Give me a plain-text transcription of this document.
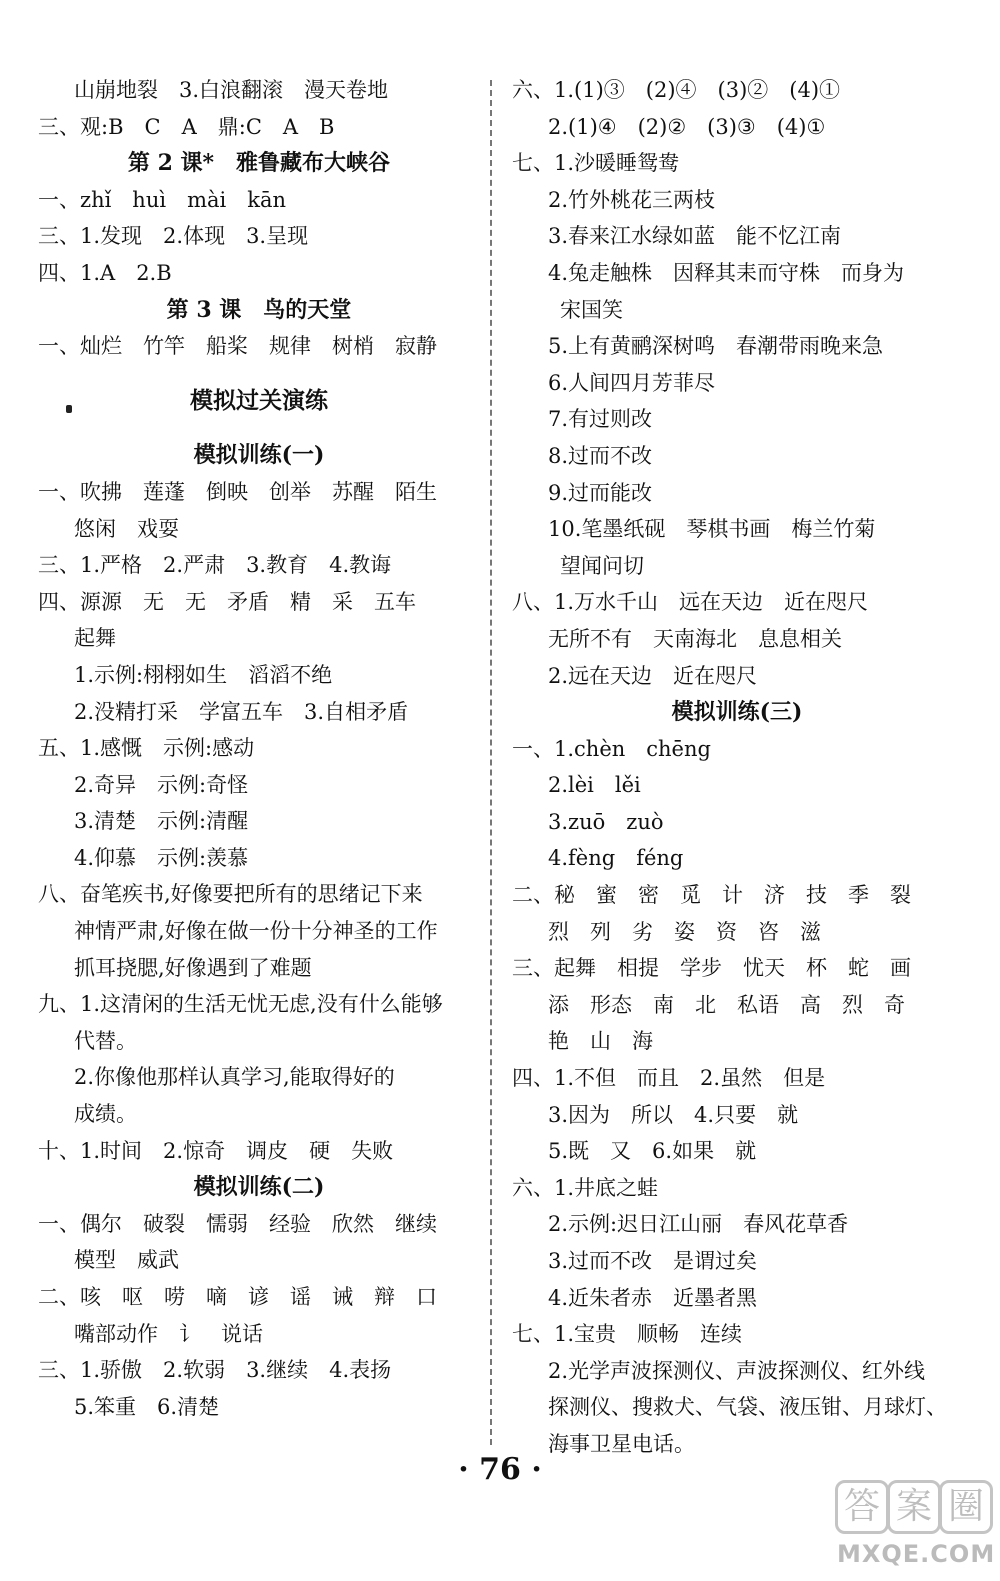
山崩地裂　3.白浪翻滚　漫天卷地
三、观:B　C　A　鼎:C　A　B
第 2 课*　雅鲁藏布大峡谷
一、zhǐ　huì　mài　kān
三、1.发现　2.体现　3.呈现
四、1.A　2.B
第 3 课　鸟的天堂
一、灿烂　竹竿　船桨　规律　树梢　寂静
模拟过关演练
模拟训练(一)
一、吹拂　莲蓬　倒映　创举　苏醒　陌生
悠闲　戏耍
三、1.严格　2.严肃　3.教育　4.教诲
四、源源　无　无　矛盾　精　采　五车
起舞
1.示例:栩栩如生　滔滔不绝
2.没精打采　学富五车　3.自相矛盾
五、1.感慨　示例:感动
2.奇异　示例:奇怪
3.清楚　示例:清醒
4.仰慕　示例:羡慕
八、奋笔疾书,好像要把所有的思绪记下来
神情严肃,好像在做一份十分神圣的工作
抓耳挠腮,好像遇到了难题
九、1.这清闲的生活无忧无虑,没有什么能够
代替。
2.你像他那样认真学习,能取得好的
成绩。
十、1.时间　2.惊奇　调皮　硬　失败
模拟训练(二)
一、偶尔　破裂　懦弱　经验　欣然　继续
模型　威武
二、咳　呕　唠　嘀　谚　谣　诫　辩　口
嘴部动作　讠　说话
三、1.骄傲　2.软弱　3.继续　4.表扬
5.笨重　6.清楚
六、1.(1)③　(2)④　(3)②　(4)①
2.(1)④　(2)②　(3)③　(4)①
七、1.沙暖睡鸳鸯
2.竹外桃花三两枝
3.春来江水绿如蓝　能不忆江南
4.兔走触株　因释其耒而守株　而身为
宋国笑
5.上有黄鹂深树鸣　春潮带雨晚来急
6.人间四月芳菲尽
7.有过则改
8.过而不改
9.过而能改
10.笔墨纸砚　琴棋书画　梅兰竹菊
望闻问切
八、1.万水千山　远在天边　近在咫尺
无所不有　天南海北　息息相关
2.远在天边　近在咫尺
模拟训练(三)
一、1.chèn　chēng
2.lèi　lěi
3.zuō　zuò
4.fèng　féng
二、秘　蜜　密　觅　计　济　技　季　裂
烈　列　劣　姿　资　咨　滋
三、起舞　相提　学步　忧天　杯　蛇　画
添　形态　南　北　私语　高　烈　奇
艳　山　海
四、1.不但　而且　2.虽然　但是
3.因为　所以　4.只要　就
5.既　又　6.如果　就
六、1.井底之蛙
2.示例:迟日江山丽　春风花草香
3.过而不改　是谓过矣
4.近朱者赤　近墨者黑
七、1.宝贵　顺畅　连续
2.光学声波探测仪、声波探测仪、红外线
探测仪、搜救犬、气袋、液压钳、月球灯、
海事卫星电话。
· 76 ·
答 案 圈
MXQE.COM
